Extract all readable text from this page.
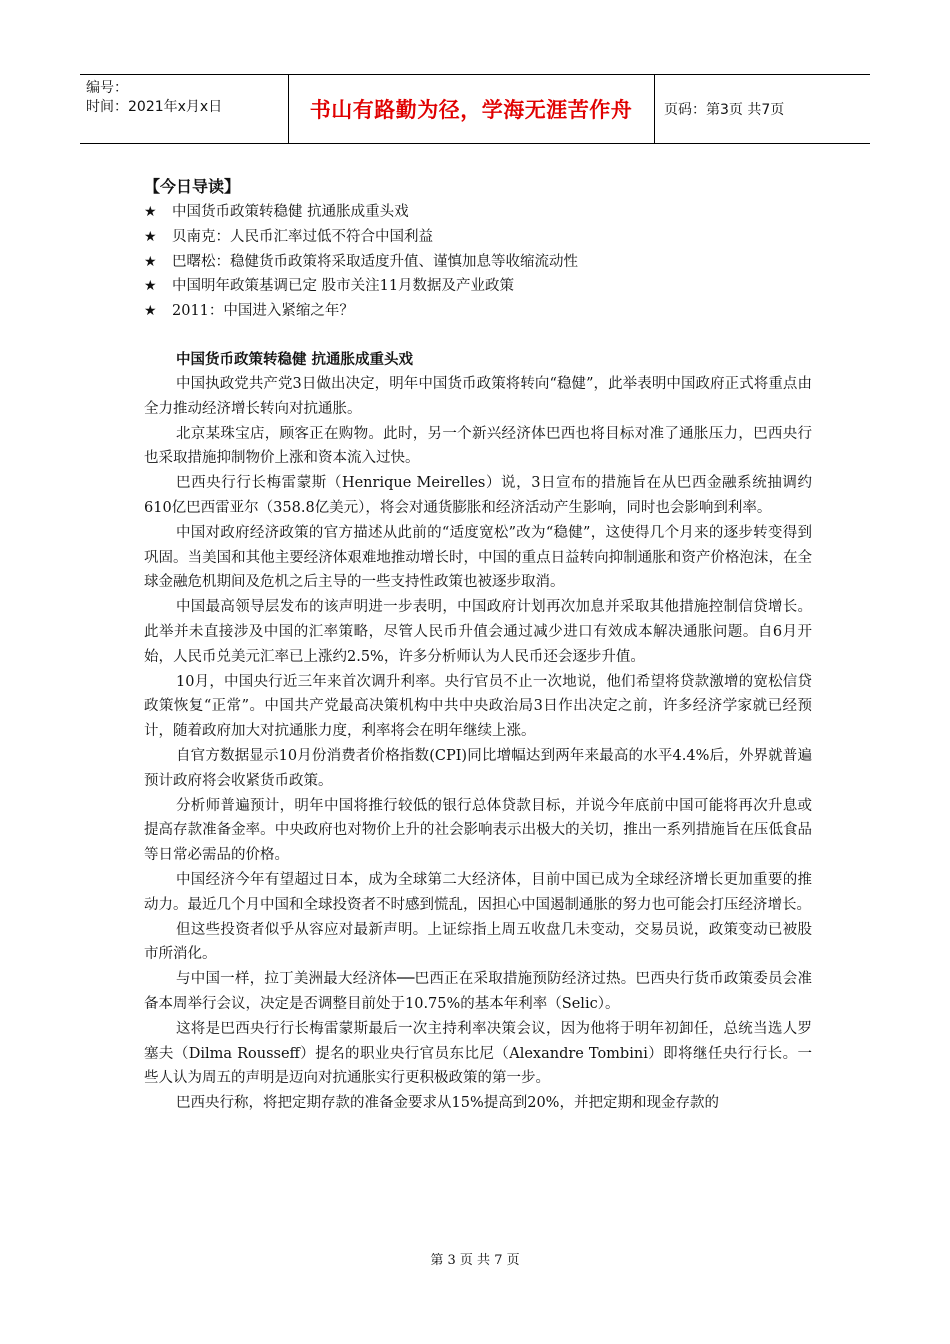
编号：
时间：2021年x月x日	书山有路勤为径，学海无涯苦作舟	页码：第3页 共7页
【今日导读】
★ 中国货币政策转稳健 抗通胀成重头戏
★ 贝南克：人民币汇率过低不符合中国利益
★ 巴曙松：稳健货币政策将采取适度升值、谨慎加息等收缩流动性
★ 中国明年政策基调已定 股市关注11月数据及产业政策
★ 2011：中国进入紧缩之年？
中国货币政策转稳健 抗通胀成重头戏

中国执政党共产党3日做出决定，明年中国货币政策将转向“稳健”，此举表明中国政府正式将重点由全力推动经济增长转向对抗通胀。

北京某珠宝店，顾客正在购物。此时，另一个新兴经济体巴西也将目标对准了通胀压力，巴西央行也采取措施抑制物价上涨和资本流入过快。

巴西央行行长梅雷蒙斯（Henrique Meirelles）说，3日宣布的措施旨在从巴西金融系统抽调约610亿巴西雷亚尔（358.8亿美元），将会对通货膨胀和经济活动产生影响，同时也会影响到利率。

中国对政府经济政策的官方描述从此前的“适度宽松”改为“稳健”，这使得几个月来的逐步转变得到巩固。当美国和其他主要经济体艰难地推动增长时，中国的重点日益转向抑制通胀和资产价格泡沫，在全球金融危机期间及危机之后主导的一些支持性政策也被逐步取消。

中国最高领导层发布的该声明进一步表明，中国政府计划再次加息并采取其他措施控制信贷增长。此举并未直接涉及中国的汇率策略，尽管人民币升值会通过减少进口有效成本解决通胀问题。自6月开始，人民币兑美元汇率已上涨约2.5%，许多分析师认为人民币还会逐步升值。

10月，中国央行近三年来首次调升利率。央行官员不止一次地说，他们希望将贷款激增的宽松信贷政策恢复“正常”。中国共产党最高决策机构中共中央政治局3日作出决定之前，许多经济学家就已经预计，随着政府加大对抗通胀力度，利率将会在明年继续上涨。

自官方数据显示10月份消费者价格指数(CPI)同比增幅达到两年来最高的水平4.4%后，外界就普遍预计政府将会收紧货币政策。

分析师普遍预计，明年中国将推行较低的银行总体贷款目标，并说今年底前中国可能将再次升息或提高存款准备金率。中央政府也对物价上升的社会影响表示出极大的关切，推出一系列措施旨在压低食品等日常必需品的价格。

中国经济今年有望超过日本，成为全球第二大经济体，目前中国已成为全球经济增长更加重要的推动力。最近几个月中国和全球投资者不时感到慌乱，因担心中国遏制通胀的努力也可能会打压经济增长。

但这些投资者似乎从容应对最新声明。上证综指上周五收盘几未变动，交易员说，政策变动已被股市所消化。

与中国一样，拉丁美洲最大经济体──巴西正在采取措施预防经济过热。巴西央行货币政策委员会准备本周举行会议，决定是否调整目前处于10.75%的基本年利率（Selic）。

这将是巴西央行行长梅雷蒙斯最后一次主持利率决策会议，因为他将于明年初卸任，总统当选人罗塞夫（Dilma Rousseff）提名的职业央行官员东比尼（Alexandre Tombini）即将继任央行行长。一些人认为周五的声明是迈向对抗通胀实行更积极政策的第一步。

巴西央行称，将把定期存款的准备金要求从15%提高到20%，并把定期和现金存款的

第 3 页 共 7 页
